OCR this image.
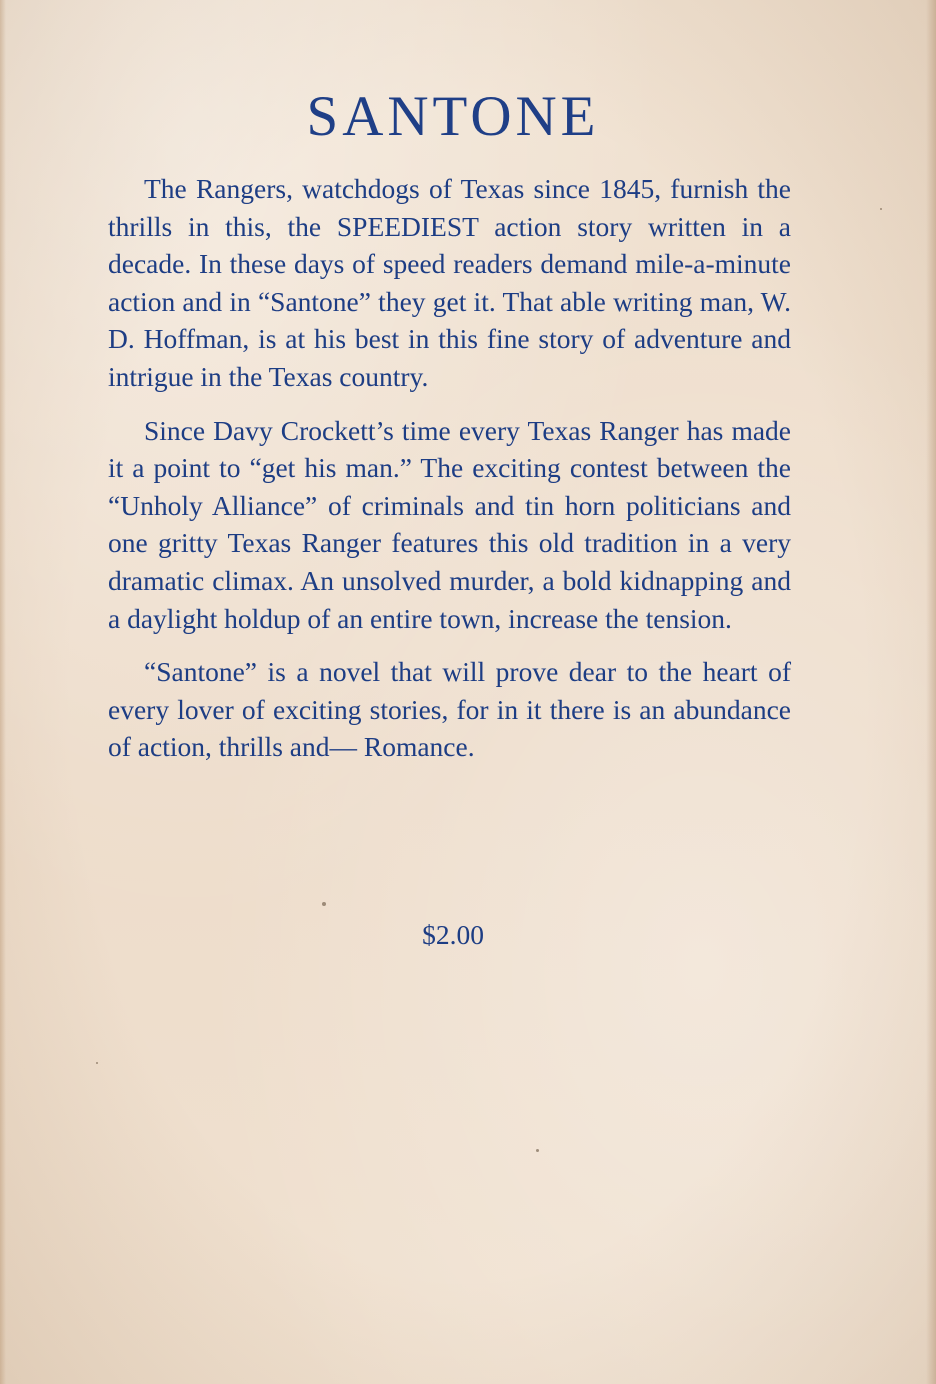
SANTONE

The Rangers, watchdogs of Texas since 1845, furnish the thrills in this, the SPEEDIEST action story written in a decade. In these days of speed readers demand mile-a-minute action and in “Santone” they get it. That able writing man, W. D. Hoffman, is at his best in this fine story of adventure and intrigue in the Texas country.

Since Davy Crockett’s time every Texas Ranger has made it a point to “get his man.” The exciting contest between the “Unholy Alliance” of criminals and tin horn politicians and one gritty Texas Ranger features this old tradition in a very dramatic climax. An unsolved murder, a bold kidnapping and a daylight holdup of an entire town, increase the tension.

“Santone” is a novel that will prove dear to the heart of every lover of exciting stories, for in it there is an abundance of action, thrills and— Romance.

$2.00
